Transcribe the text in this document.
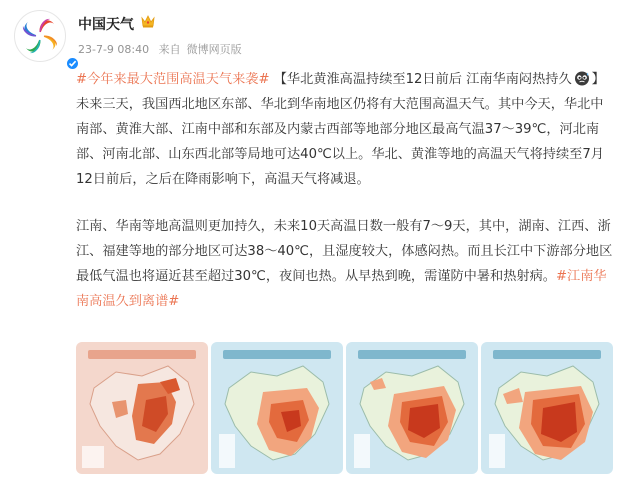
中国天气
23-7-9 08:40 来自 微博网页版

#今年来最大范围高温天气来袭# 【华北黄淮高温持续至12日前后 江南华南闷热持久 】未来三天，我国西北地区东部、华北到华南地区仍将有大范围高温天气。其中今天，华北中南部、黄淮大部、江南中部和东部及内蒙古西部等地部分地区最高气温37～39℃，河北南部、河南北部、山东西北部等局地可达40℃以上。华北、黄淮等地的高温天气将持续至7月12日前后，之后在降雨影响下，高温天气将减退。

江南、华南等地高温则更加持久，未来10天高温日数一般有7～9天，其中，湖南、江西、浙江、福建等地的部分地区可达38～40℃，且湿度较大，体感闷热。而且长江中下游部分地区最低气温也将逼近甚至超过30℃，夜间也热。从早热到晚，需谨防中暑和热射病。#江南华南高温久到离谱#
